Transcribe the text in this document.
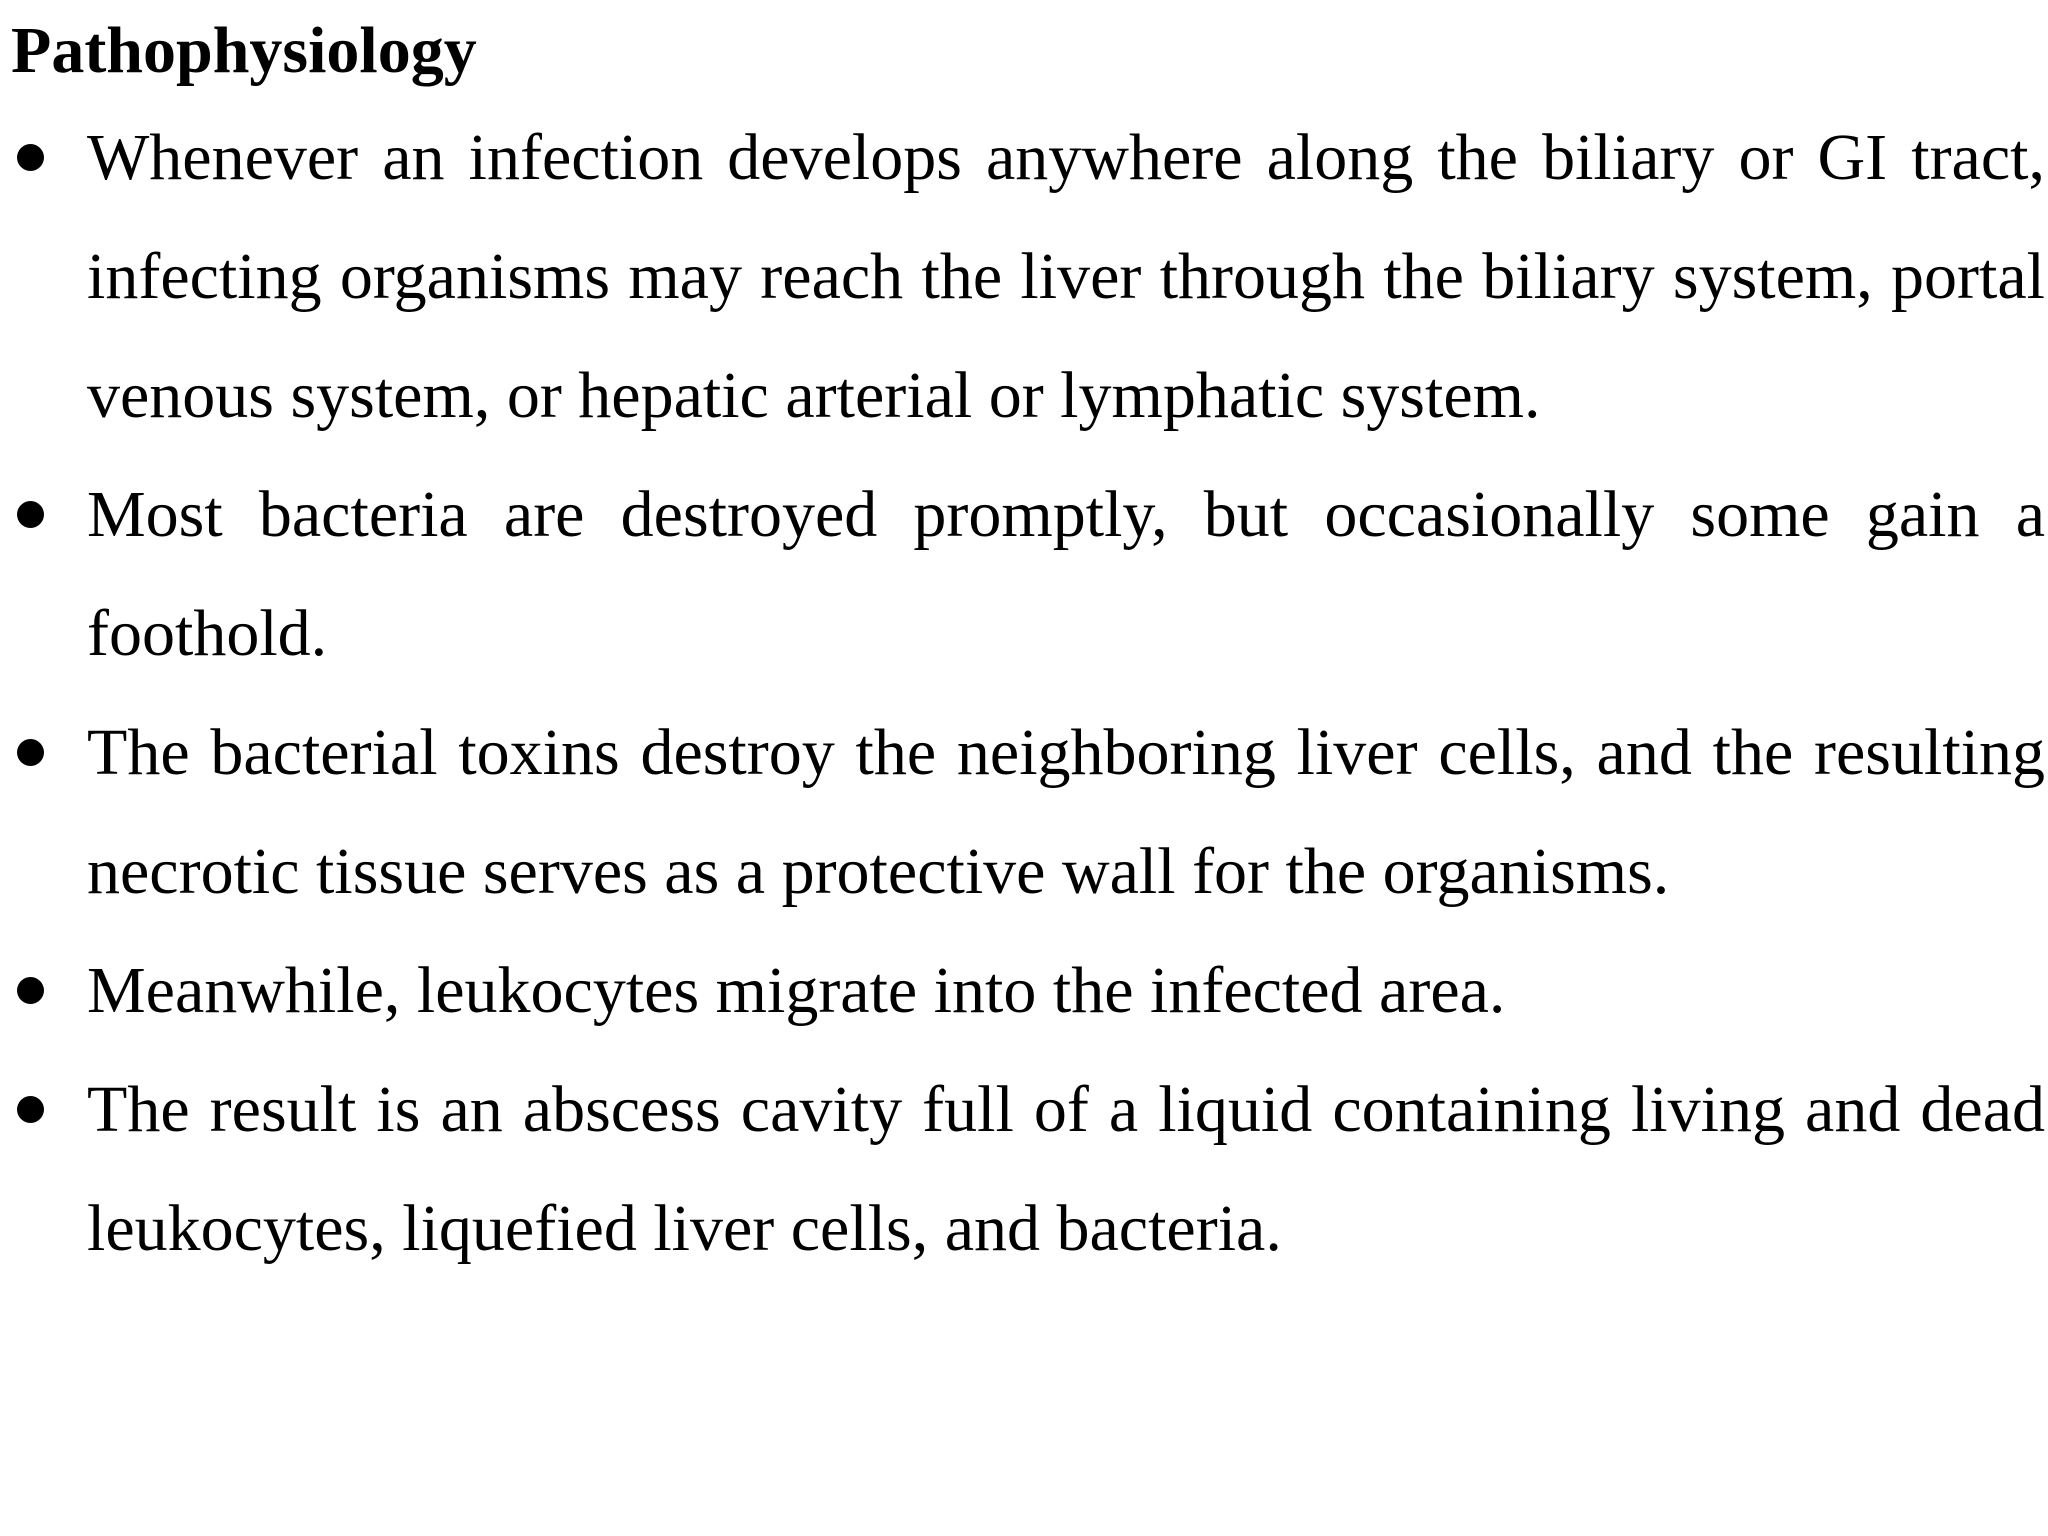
Pathophysiology
Whenever an infection develops anywhere along the biliary or GI tract, infecting organisms may reach the liver through the biliary system, portal venous system, or hepatic arterial or lymphatic system.
Most bacteria are destroyed promptly, but occasionally some gain a foothold.
The bacterial toxins destroy the neighboring liver cells, and the resulting necrotic tissue serves as a protective wall for the organisms.
Meanwhile, leukocytes migrate into the infected area.
The result is an abscess cavity full of a liquid containing living and dead leukocytes, liquefied liver cells, and bacteria.
